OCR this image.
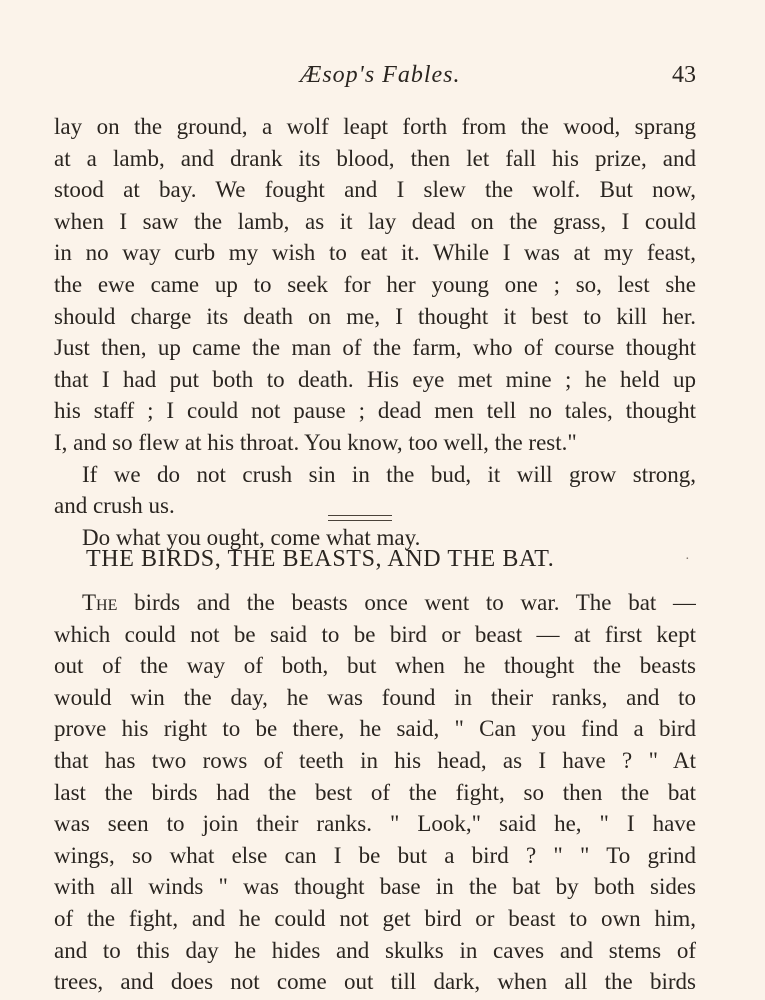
Æsop's Fables.	43
lay on the ground, a wolf leapt forth from the wood, sprang
at a lamb, and drank its blood, then let fall his prize, and
stood at bay. We fought and I slew the wolf. But now,
when I saw the lamb, as it lay dead on the grass, I could
in no way curb my wish to eat it. While I was at my feast,
the ewe came up to seek for her young one ; so, lest she
should charge its death on me, I thought it best to kill her.
Just then, up came the man of the farm, who of course thought
that I had put both to death. His eye met mine ; he held up
his staff ; I could not pause ; dead men tell no tales, thought
I, and so flew at his throat. You know, too well, the rest."
If we do not crush sin in the bud, it will grow strong,
and crush us.
Do what you ought, come what may.
THE BIRDS, THE BEASTS, AND THE BAT.	·
The birds and the beasts once went to war. The bat —
which could not be said to be bird or beast — at first kept
out of the way of both, but when he thought the beasts
would win the day, he was found in their ranks, and to
prove his right to be there, he said, " Can you find a bird
that has two rows of teeth in his head, as I have ? " At
last the birds had the best of the fight, so then the bat
was seen to join their ranks. " Look," said he, " I have
wings, so what else can I be but a bird ? " " To grind
with all winds " was thought base in the bat by both sides
of the fight, and he could not get bird or beast to own him,
and to this day he hides and skulks in caves and stems of
trees, and does not come out till dark, when all the birds
